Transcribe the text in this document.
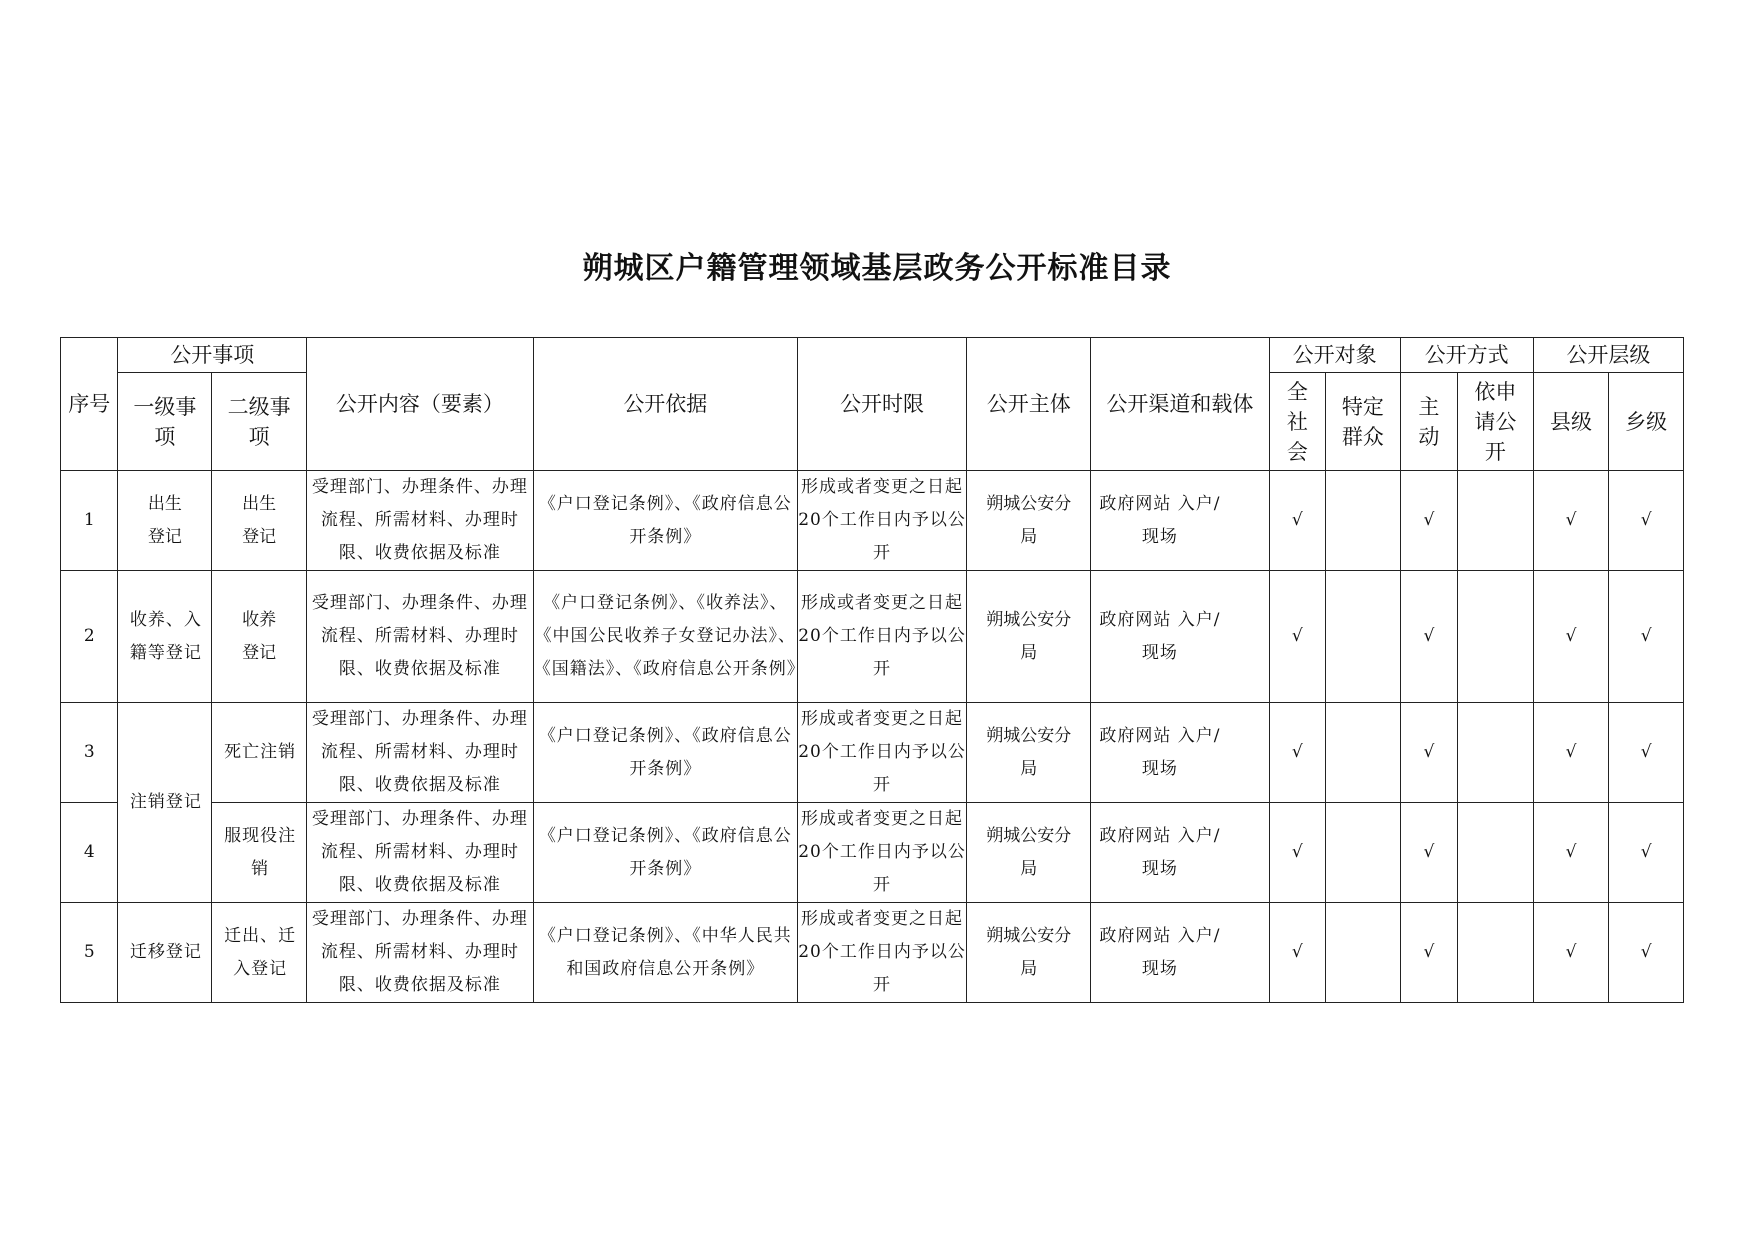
朔城区户籍管理领域基层政务公开标准目录
序号	公开事项		公开内容（要素）	公开依据	公开时限	公开主体	公开渠道和载体	公开对象		公开方式		公开层级	
	一级事项	二级事项						全社会	特定群众	主动	依申请公开	县级	乡级
1	出生登记	出生登记	受理部门、办理条件、办理流程、所需材料、办理时限、收费依据及标准	《户口登记条例》、《政府信息公开条例》	形成或者变更之日起20个工作日内予以公开	朔城公安分局	政府网站 入户/现场	√		√		√	√
2	收养、入籍等登记	收养登记	受理部门、办理条件、办理流程、所需材料、办理时限、收费依据及标准	《户口登记条例》、《收养法》、《中国公民收养子女登记办法》、《国籍法》、《政府信息公开条例》	形成或者变更之日起20个工作日内予以公开	朔城公安分局	政府网站 入户/现场	√		√		√	√
3	注销登记	死亡注销	受理部门、办理条件、办理流程、所需材料、办理时限、收费依据及标准	《户口登记条例》、《政府信息公开条例》	形成或者变更之日起20个工作日内予以公开	朔城公安分局	政府网站 入户/现场	√		√		√	√
4		服现役注销	受理部门、办理条件、办理流程、所需材料、办理时限、收费依据及标准	《户口登记条例》、《政府信息公开条例》	形成或者变更之日起20个工作日内予以公开	朔城公安分局	政府网站 入户/现场	√		√		√	√
5	迁移登记	迁出、迁入登记	受理部门、办理条件、办理流程、所需材料、办理时限、收费依据及标准	《户口登记条例》、《中华人民共和国政府信息公开条例》	形成或者变更之日起20个工作日内予以公开	朔城公安分局	政府网站 入户/现场	√		√		√	√
